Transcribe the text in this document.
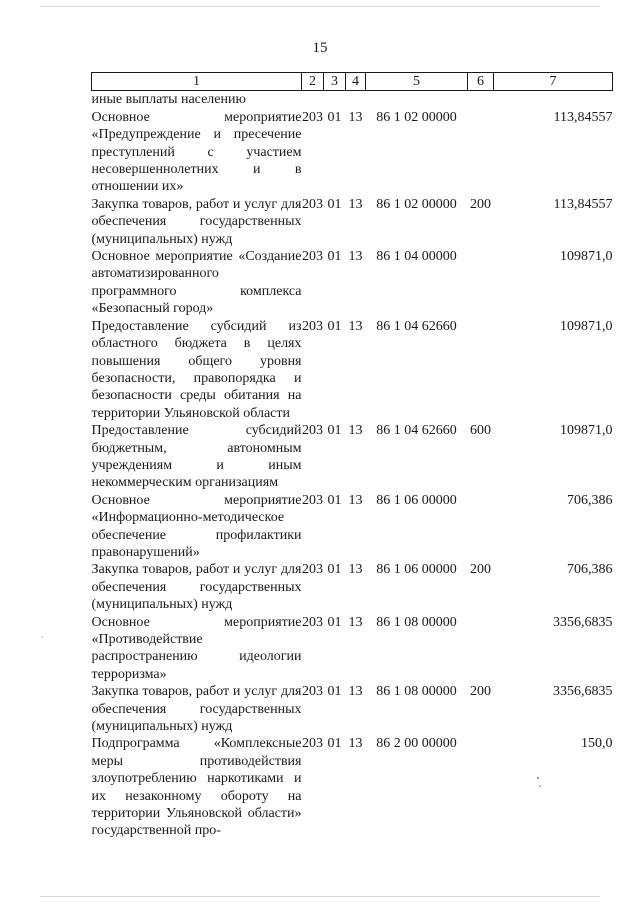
15
1	2	3	4	5	6	7
иные выплаты населению						
Основное мероприятие «Предупреждение и пресечение преступлений с участием несовершеннолетних и в отношении их»	203	01	13	86 1 02 00000		113,84557
Закупка товаров, работ и услуг для обеспечения государственных (муниципальных) нужд	203	01	13	86 1 02 00000	200	113,84557
Основное мероприятие «Создание автоматизированного программного комплекса «Безопасный город»	203	01	13	86 1 04 00000		109871,0
Предоставление субсидий из областного бюджета в целях повышения общего уровня безопасности, правопорядка и безопасности среды обитания на территории Ульяновской области	203	01	13	86 1 04 62660		109871,0
Предоставление субсидий бюджетным, автономным учреждениям и иным некоммерческим организациям	203	01	13	86 1 04 62660	600	109871,0
Основное мероприятие «Информационно-методическое обеспечение профилактики правонарушений»	203	01	13	86 1 06 00000		706,386
Закупка товаров, работ и услуг для обеспечения государственных (муниципальных) нужд	203	01	13	86 1 06 00000	200	706,386
Основное мероприятие «Противодействие распространению идеологии терроризма»	203	01	13	86 1 08 00000		3356,6835
Закупка товаров, работ и услуг для обеспечения государственных (муниципальных) нужд	203	01	13	86 1 08 00000	200	3356,6835
Подпрограмма «Комплексные меры противодействия злоупотреблению наркотиками и их незаконному обороту на территории Ульяновской области» государственной про-	203	01	13	86 2 00 00000		150,0
